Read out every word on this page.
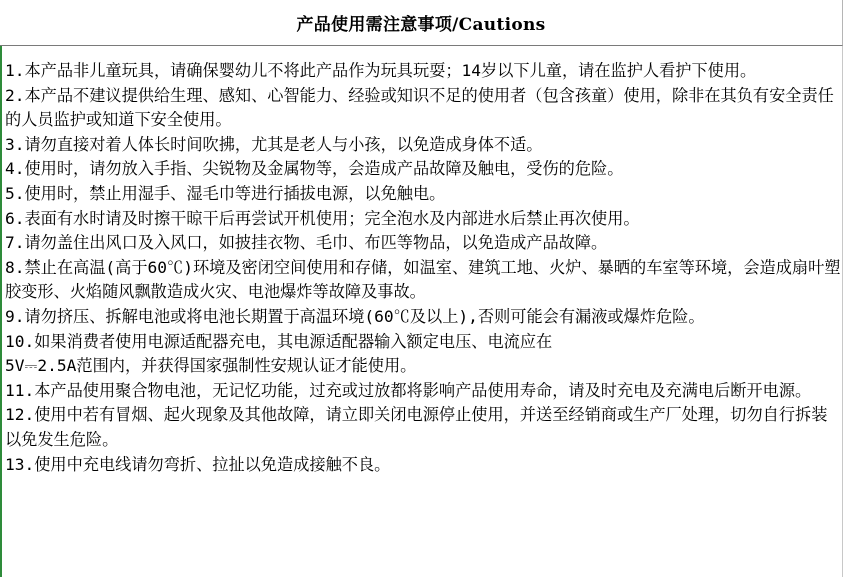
产品使用需注意事项/Cautions
1.本产品非儿童玩具，请确保婴幼儿不将此产品作为玩具玩耍；14岁以下儿童，请在监护人看护下使用。
2.本产品不建议提供给生理、感知、心智能力、经验或知识不足的使用者（包含孩童）使用，除非在其负有安全责任的人员监护或知道下安全使用。
3.请勿直接对着人体长时间吹拂，尤其是老人与小孩，以免造成身体不适。
4.使用时，请勿放入手指、尖锐物及金属物等，会造成产品故障及触电，受伤的危险。
5.使用时，禁止用湿手、湿毛巾等进行插拔电源，以免触电。
6.表面有水时请及时擦干晾干后再尝试开机使用；完全泡水及内部进水后禁止再次使用。
7.请勿盖住出风口及入风口，如披挂衣物、毛巾、布匹等物品，以免造成产品故障。
8.禁止在高温(高于60℃)环境及密闭空间使用和存储，如温室、建筑工地、火炉、暴晒的车室等环境，会造成扇叶塑胶变形、火焰随风飘散造成火灾、电池爆炸等故障及事故。
9.请勿挤压、拆解电池或将电池长期置于高温环境(60℃及以上),否则可能会有漏液或爆炸危险。
10.如果消费者使用电源适配器充电，其电源适配器输入额定电压、电流应在
5V⎓2.5A范围内，并获得国家强制性安规认证才能使用。
11.本产品使用聚合物电池，无记忆功能，过充或过放都将影响产品使用寿命，请及时充电及充满电后断开电源。
12.使用中若有冒烟、起火现象及其他故障，请立即关闭电源停止使用，并送至经销商或生产厂处理，切勿自行拆装以免发生危险。
13.使用中充电线请勿弯折、拉扯以免造成接触不良。
